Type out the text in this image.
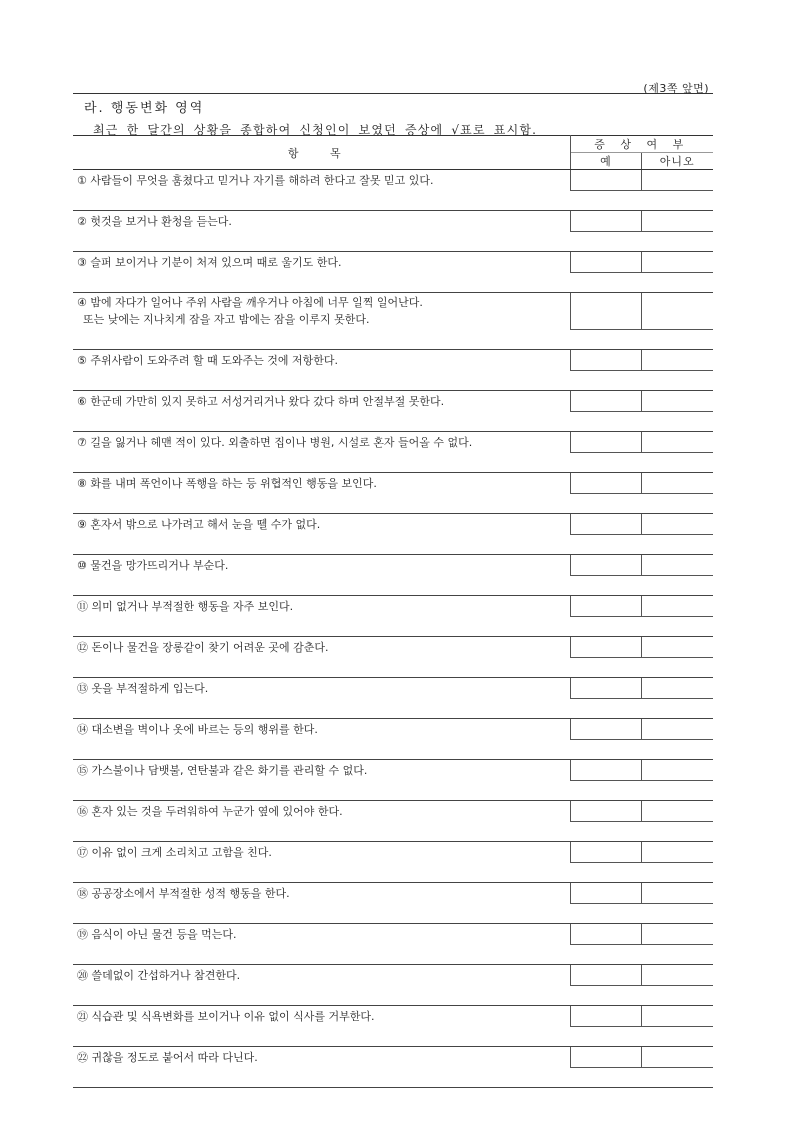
(제3쪽 앞면)
라. 행동변화 영역
최근 한 달간의 상황을 종합하여 신청인이 보였던 증상에 √표로 표시함.
항 목	증 상 여 부	
	예	아니오

① 사람들이 무엇을 훔쳤다고 믿거나 자기를 해하려 한다고 잘못 믿고 있다.		

② 헛것을 보거나 환청을 듣는다.		

③ 슬퍼 보이거나 기분이 처져 있으며 때로 울기도 한다.		

④ 밤에 자다가 일어나 주위 사람을 깨우거나 아침에 너무 일찍 일어난다.
또는 낮에는 지나치게 잠을 자고 밤에는 잠을 이루지 못한다.		

⑤ 주위사람이 도와주려 할 때 도와주는 것에 저항한다.		

⑥ 한군데 가만히 있지 못하고 서성거리거나 왔다 갔다 하며 안절부절 못한다.		

⑦ 길을 잃거나 헤맨 적이 있다. 외출하면 집이나 병원, 시설로 혼자 들어올 수 없다.		

⑧ 화를 내며 폭언이나 폭행을 하는 등 위협적인 행동을 보인다.		

⑨ 혼자서 밖으로 나가려고 해서 눈을 뗄 수가 없다.		

⑩ 물건을 망가뜨리거나 부순다.		

⑪ 의미 없거나 부적절한 행동을 자주 보인다.		

⑫ 돈이나 물건을 장롱같이 찾기 어려운 곳에 감춘다.		

⑬ 옷을 부적절하게 입는다.		

⑭ 대소변을 벽이나 옷에 바르는 등의 행위를 한다.		

⑮ 가스불이나 담뱃불, 연탄불과 같은 화기를 관리할 수 없다.		

⑯ 혼자 있는 것을 두려워하여 누군가 옆에 있어야 한다.		

⑰ 이유 없이 크게 소리치고 고함을 친다.		

⑱ 공공장소에서 부적절한 성적 행동을 한다.		

⑲ 음식이 아닌 물건 등을 먹는다.		

⑳ 쓸데없이 간섭하거나 참견한다.		

㉑ 식습관 및 식욕변화를 보이거나 이유 없이 식사를 거부한다.		

㉒ 귀찮을 정도로 붙어서 따라 다닌다.		
